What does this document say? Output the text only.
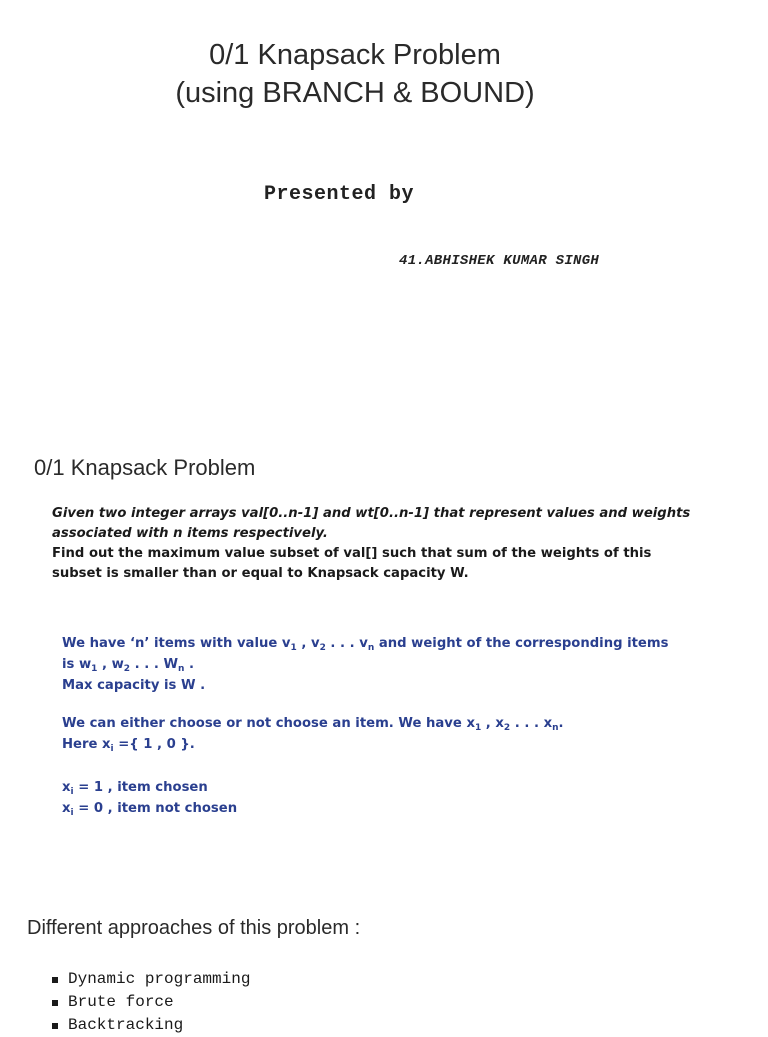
0/1 Knapsack Problem
(using BRANCH & BOUND)
Presented by
41.ABHISHEK KUMAR SINGH
0/1 Knapsack Problem
Given two integer arrays val[0..n-1] and wt[0..n-1] that represent values and weights
associated with n items respectively.
Find out the maximum value subset of val[] such that sum of the weights of this
subset is smaller than or equal to Knapsack capacity W.
We have ‘n’ items with value $v_1$ , $v_2$ . . . $v_n$ and weight of the corresponding items
is $w_1$ , $w_2$ . . . $W_n$ .
Max capacity is W .
We can either choose or not choose an item. We have $x_1$ , $x_2$ . . . $x_n$.
Here $x_i$ ={ 1 , 0 }.
$x_i = 1$ , item chosen
$x_i = 0$ , item not chosen
Different approaches of this problem :
Dynamic programming
Brute force
Backtracking
